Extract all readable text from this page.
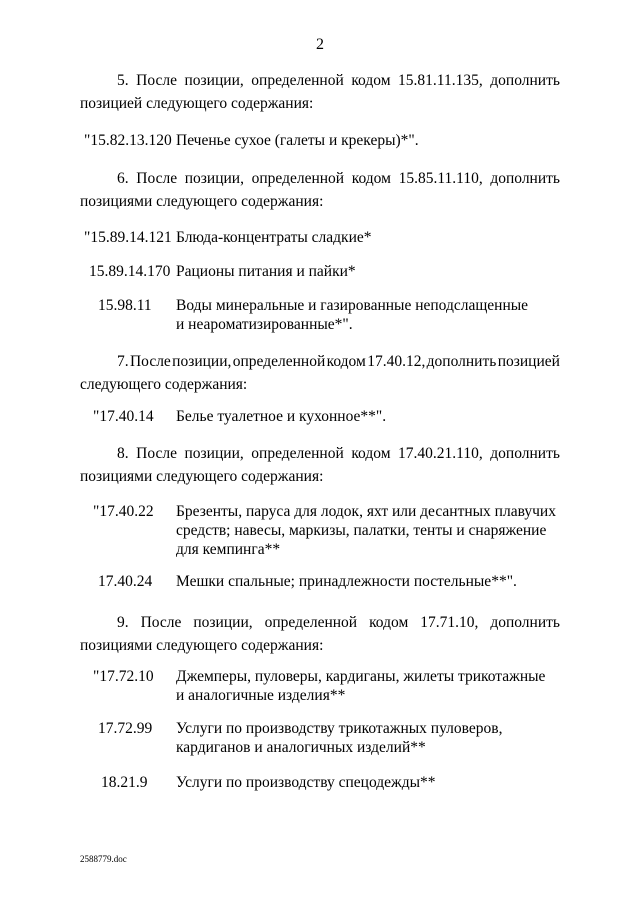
2
5. После позиции, определенной кодом 15.81.11.135, дополнить
позицией следующего содержания:
"15.82.13.120 Печенье сухое (галеты и крекеры)*".
6. После позиции, определенной кодом 15.85.11.110, дополнить
позициями следующего содержания:
"15.89.14.121 Блюда-концентраты сладкие*
15.89.14.170 Рационы питания и пайки*
15.98.11 Воды минеральные и газированные неподслащенные и неароматизированные*".
7. После позиции, определенной кодом 17.40.12, дополнить позицией
следующего содержания:
"17.40.14 Белье туалетное и кухонное**".
8. После позиции, определенной кодом 17.40.21.110, дополнить
позициями следующего содержания:
"17.40.22 Брезенты, паруса для лодок, яхт или десантных плавучих средств; навесы, маркизы, палатки, тенты и снаряжение для кемпинга**
17.40.24 Мешки спальные; принадлежности постельные**".
9. После позиции, определенной кодом 17.71.10, дополнить
позициями следующего содержания:
"17.72.10 Джемперы, пуловеры, кардиганы, жилеты трикотажные и аналогичные изделия**
17.72.99 Услуги по производству трикотажных пуловеров, кардиганов и аналогичных изделий**
18.21.9 Услуги по производству спецодежды**
2588779.doc
